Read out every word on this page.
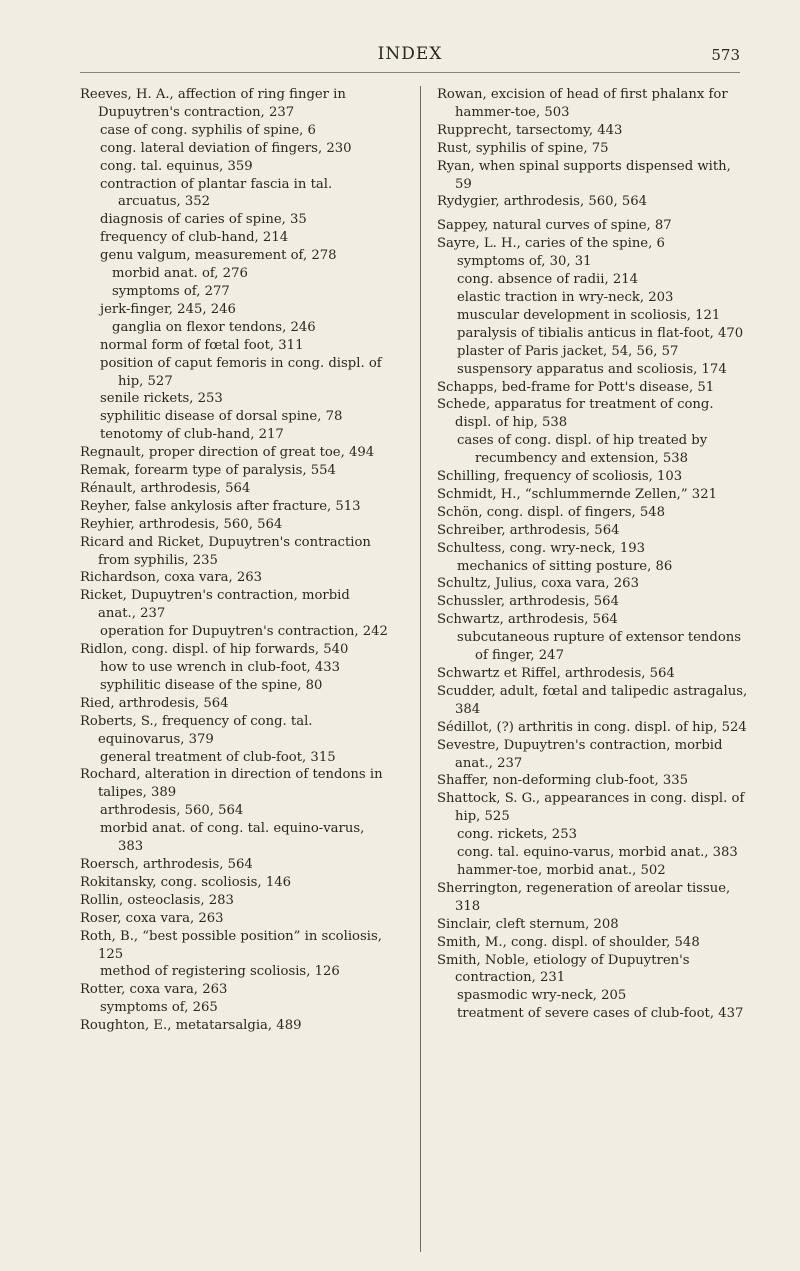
INDEX	573
Reeves, H. A., affection of ring finger in Dupuytren's contraction, 237
case of cong. syphilis of spine, 6
cong. lateral deviation of fingers, 230
cong. tal. equinus, 359
contraction of plantar fascia in tal. arcuatus, 352
diagnosis of caries of spine, 35
frequency of club-hand, 214
genu valgum, measurement of, 278
morbid anat. of, 276
symptoms of, 277
jerk-finger, 245, 246
ganglia on flexor tendons, 246
normal form of fœtal foot, 311
position of caput femoris in cong. displ. of hip, 527
senile rickets, 253
syphilitic disease of dorsal spine, 78
tenotomy of club-hand, 217
Regnault, proper direction of great toe, 494
Remak, forearm type of paralysis, 554
Rénault, arthrodesis, 564
Reyher, false ankylosis after fracture, 513
Reyhier, arthrodesis, 560, 564
Ricard and Ricket, Dupuytren's contraction from syphilis, 235
Richardson, coxa vara, 263
Ricket, Dupuytren's contraction, morbid anat., 237
operation for Dupuytren's contraction, 242
Ridlon, cong. displ. of hip forwards, 540
how to use wrench in club-foot, 433
syphilitic disease of the spine, 80
Ried, arthrodesis, 564
Roberts, S., frequency of cong. tal. equinovarus, 379
general treatment of club-foot, 315
Rochard, alteration in direction of tendons in talipes, 389
arthrodesis, 560, 564
morbid anat. of cong. tal. equino-varus, 383
Roersch, arthrodesis, 564
Rokitansky, cong. scoliosis, 146
Rollin, osteoclasis, 283
Roser, coxa vara, 263
Roth, B., “best possible position” in scoliosis, 125
method of registering scoliosis, 126
Rotter, coxa vara, 263
symptoms of, 265
Roughton, E., metatarsalgia, 489
Rowan, excision of head of first phalanx for hammer-toe, 503
Rupprecht, tarsectomy, 443
Rust, syphilis of spine, 75
Ryan, when spinal supports dispensed with, 59
Rydygier, arthrodesis, 560, 564
Sappey, natural curves of spine, 87
Sayre, L. H., caries of the spine, 6
symptoms of, 30, 31
cong. absence of radii, 214
elastic traction in wry-neck, 203
muscular development in scoliosis, 121
paralysis of tibialis anticus in flat-foot, 470
plaster of Paris jacket, 54, 56, 57
suspensory apparatus and scoliosis, 174
Schapps, bed-frame for Pott's disease, 51
Schede, apparatus for treatment of cong. displ. of hip, 538
cases of cong. displ. of hip treated by recumbency and extension, 538
Schilling, frequency of scoliosis, 103
Schmidt, H., “schlummernde Zellen,” 321
Schön, cong. displ. of fingers, 548
Schreiber, arthrodesis, 564
Schultess, cong. wry-neck, 193
mechanics of sitting posture, 86
Schultz, Julius, coxa vara, 263
Schussler, arthrodesis, 564
Schwartz, arthrodesis, 564
subcutaneous rupture of extensor tendons of finger, 247
Schwartz et Riffel, arthrodesis, 564
Scudder, adult, fœtal and talipedic astragalus, 384
Sédillot, (?) arthritis in cong. displ. of hip, 524
Sevestre, Dupuytren's contraction, morbid anat., 237
Shaffer, non-deforming club-foot, 335
Shattock, S. G., appearances in cong. displ. of hip, 525
cong. rickets, 253
cong. tal. equino-varus, morbid anat., 383
hammer-toe, morbid anat., 502
Sherrington, regeneration of areolar tissue, 318
Sinclair, cleft sternum, 208
Smith, M., cong. displ. of shoulder, 548
Smith, Noble, etiology of Dupuytren's contraction, 231
spasmodic wry-neck, 205
treatment of severe cases of club-foot, 437
